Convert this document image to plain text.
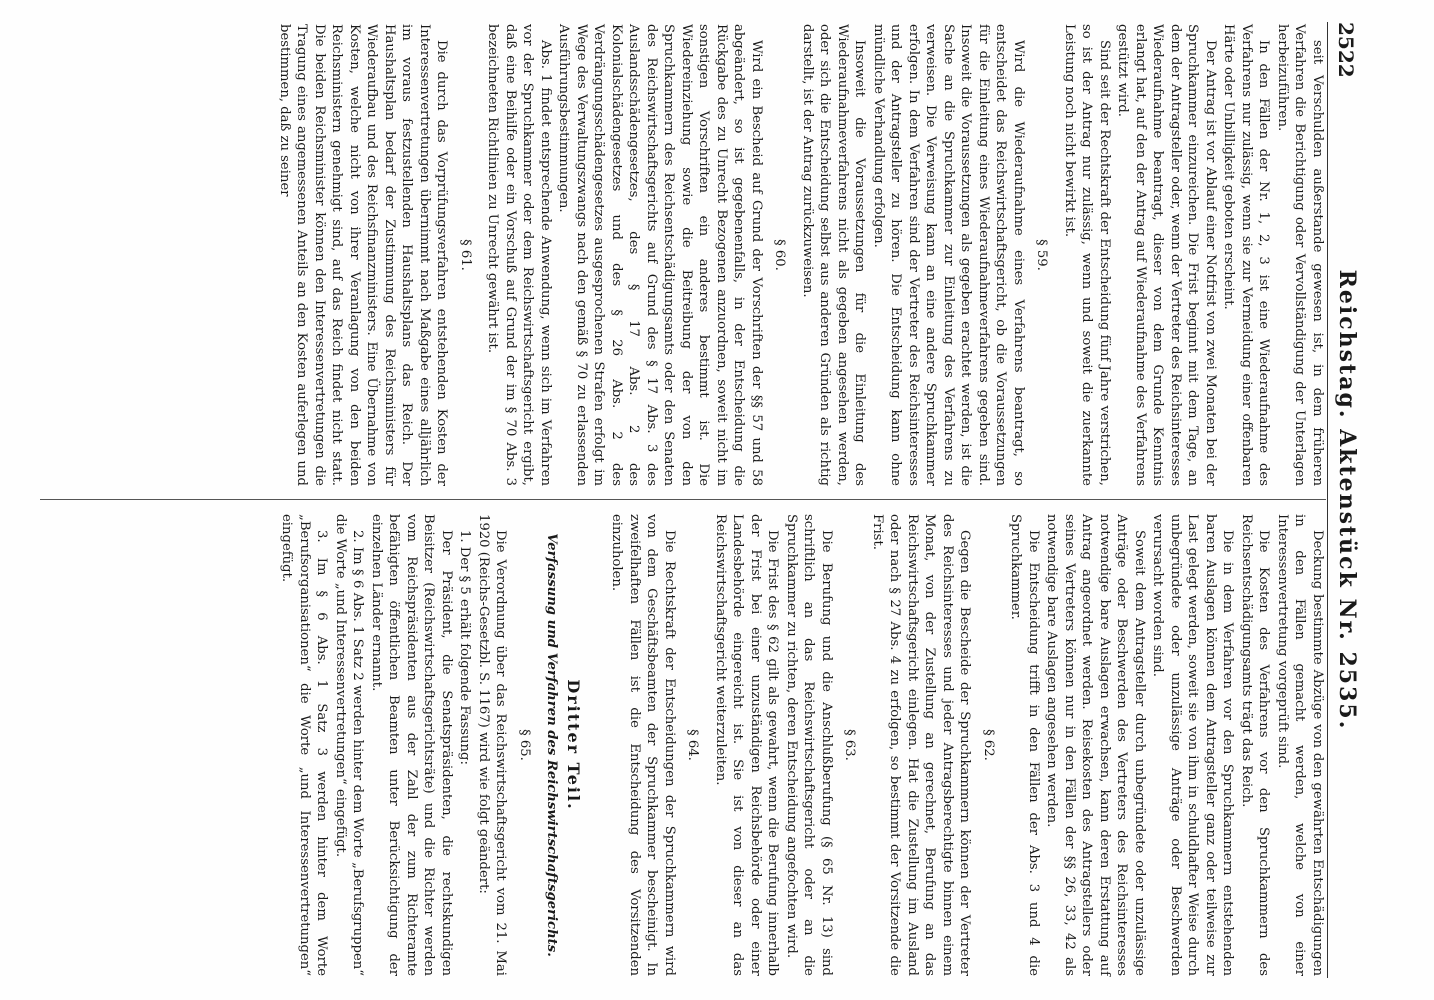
2522
Reichstag. Aktenstück Nr. 2535.
seit Verschulden außerstande gewesen ist, in dem früheren Verfahren die Berichtigung oder Vervollständigung der Unterlagen herbeizuführen.
In den Fällen der Nr. 1, 2, 3 ist eine Wiederaufnahme des Verfahrens nur zulässig, wenn sie zur Vermeidung einer offenbaren Härte oder Unbilligkeit geboten erscheint.
Der Antrag ist vor Ablauf einer Notfrist von zwei Monaten bei der Spruchkammer einzureichen. Die Frist beginnt mit dem Tage, an dem der Antragsteller oder, wenn der Vertreter des Reichsinteresses Wiederaufnahme beantragt, dieser von dem Grunde Kenntnis erlangt hat, auf den der Antrag auf Wiederaufnahme des Verfahrens gestützt wird.
Sind seit der Rechtskraft der Entscheidung fünf Jahre verstrichen, so ist der Antrag nur zulässig, wenn und soweit die zuerkannte Leistung noch nicht bewirkt ist.
§ 59.
Wird die Wiederaufnahme eines Verfahrens beantragt, so entscheidet das Reichswirtschaftsgericht, ob die Voraussetzungen für die Einleitung eines Wiederaufnahmeverfahrens gegeben sind. Insoweit die Voraussetzungen als gegeben erachtet werden, ist die Sache an die Spruchkammer zur Einleitung des Verfahrens zu verweisen. Die Verweisung kann an eine andere Spruchkammer erfolgen. In dem Verfahren sind der Vertreter des Reichsinteresses und der Antragsteller zu hören. Die Entscheidung kann ohne mündliche Verhandlung erfolgen.
Insoweit die Voraussetzungen für die Einleitung des Wiederaufnahmeverfahrens nicht als gegeben angesehen werden, oder sich die Entscheidung selbst aus anderen Gründen als richtig darstellt, ist der Antrag zurückzuweisen.
§ 60.
Wird ein Bescheid auf Grund der Vorschriften der §§ 57 und 58 abgeändert, so ist gegebenenfalls, in der Entscheidung die Rückgabe des zu Unrecht Bezogenen anzuordnen, soweit nicht im sonstigen Vorschriften ein anderes bestimmt ist. Die Wiedereinziehung sowie die Beitreibung der von den Spruchkammern des Reichsentschädigungsamts oder den Senaten des Reichswirtschaftsgerichts auf Grund des § 17 Abs. 3 des Auslandsschädengesetzes, des § 17 Abs. 2 des Kolonialschädengesetzes und des § 26 Abs. 2 des Verdrängungsschädengesetzes ausgesprochenen Strafen erfolgt im Wege des Verwaltungszwangs nach den gemäß § 70 zu erlassenden Ausführungsbestimmungen.
Abs. 1 findet entsprechende Anwendung, wenn sich im Verfahren vor der Spruchkammer oder dem Reichswirtschaftsgericht ergibt, daß eine Beihilfe oder ein Vorschuß auf Grund der im § 70 Abs. 3 bezeichneten Richtlinien zu Unrecht gewährt ist.
§ 61.
Die durch das Vorprüfungsverfahren entstehenden Kosten der Interessenvertretungen übernimmt nach Maßgabe eines alljährlich im voraus festzustellenden Haushaltsplans das Reich. Der Haushaltsplan bedarf der Zustimmung des Reichsministers für Wiederaufbau und des Reichsfinanzministers. Eine Übernahme von Kosten, welche nicht von ihrer Veranlagung von den beiden Reichsministern genehmigt sind, auf das Reich findet nicht statt. Die beiden Reichsminister können den Interessenvertretungen die Tragung eines angemessenen Anteils an den Kosten auferlegen und bestimmen, daß zu seiner
Deckung bestimmte Abzüge von den gewährten Entschädigungen in den Fällen gemacht werden, welche von einer Interessenvertretung vorgeprüft sind.
Die Kosten des Verfahrens vor den Spruchkammern des Reichsentschädigungsamts trägt das Reich.
Die in dem Verfahren vor den Spruchkammern entstehenden baren Auslagen können dem Antragsteller ganz oder teilweise zur Last gelegt werden, soweit sie von ihm in schuldhafter Weise durch unbegründete oder unzulässige Anträge oder Beschwerden verursacht worden sind.
Soweit dem Antragsteller durch unbegründete oder unzulässige Anträge oder Beschwerden des Vertreters des Reichsinteresses notwendige bare Auslagen erwachsen, kann deren Erstattung auf Antrag angeordnet werden. Reisekosten des Antragstellers oder seines Vertreters können nur in den Fällen der §§ 26, 33, 42 als notwendige bare Auslagen angesehen werden.
Die Entscheidung trifft in den Fällen der Abs. 3 und 4 die Spruchkammer.
§ 62.
Gegen die Bescheide der Spruchkammern können der Vertreter des Reichsinteresses und jeder Antragsberechtigte binnen einem Monat, von der Zustellung an gerechnet, Berufung an das Reichswirtschaftsgericht einlegen. Hat die Zustellung im Ausland oder nach § 27 Abs. 4 zu erfolgen, so bestimmt der Vorsitzende die Frist.
§ 63.
Die Berufung und die Anschlußberufung (§ 65 Nr. 13) sind schriftlich an das Reichswirtschaftsgericht oder an die Spruchkammer zu richten, deren Entscheidung angefochten wird.
Die Frist des § 62 gilt als gewahrt, wenn die Berufung innerhalb der Frist bei einer unzuständigen Reichsbehörde oder einer Landesbehörde eingereicht ist. Sie ist von dieser an das Reichswirtschaftsgericht weiterzuleiten.
§ 64.
Die Rechtskraft der Entscheidungen der Spruchkammern wird von dem Geschäftsbeamten der Spruchkammer bescheinigt. In zweifelhaften Fällen ist die Entscheidung des Vorsitzenden einzuholen.
Dritter Teil.
Verfassung und Verfahren des Reichswirtschaftsgerichts.
§ 65.
Die Verordnung über das Reichswirtschaftsgericht vom 21. Mai 1920 (Reichs-Gesetzbl. S. 1167) wird wie folgt geändert:
1. Der § 5 erhält folgende Fassung:
Der Präsident, die Senatspräsidenten, die rechtskundigen Beisitzer (Reichswirtschaftsgerichtsräte) und die Richter werden vom Reichspräsidenten aus der Zahl der zum Richteramte befähigten öffentlichen Beamten unter Berücksichtigung der einzelnen Länder ernannt.
2. Im § 6 Abs. 1 Satz 2 werden hinter dem Worte „Berufsgruppen“ die Worte „und Interessenvertretungen“ eingefügt.
3. Im § 6 Abs. 1 Satz 3 werden hinter dem Worte „Berufsorganisationen“ die Worte „und Interessenvertretungen“ eingefügt.
